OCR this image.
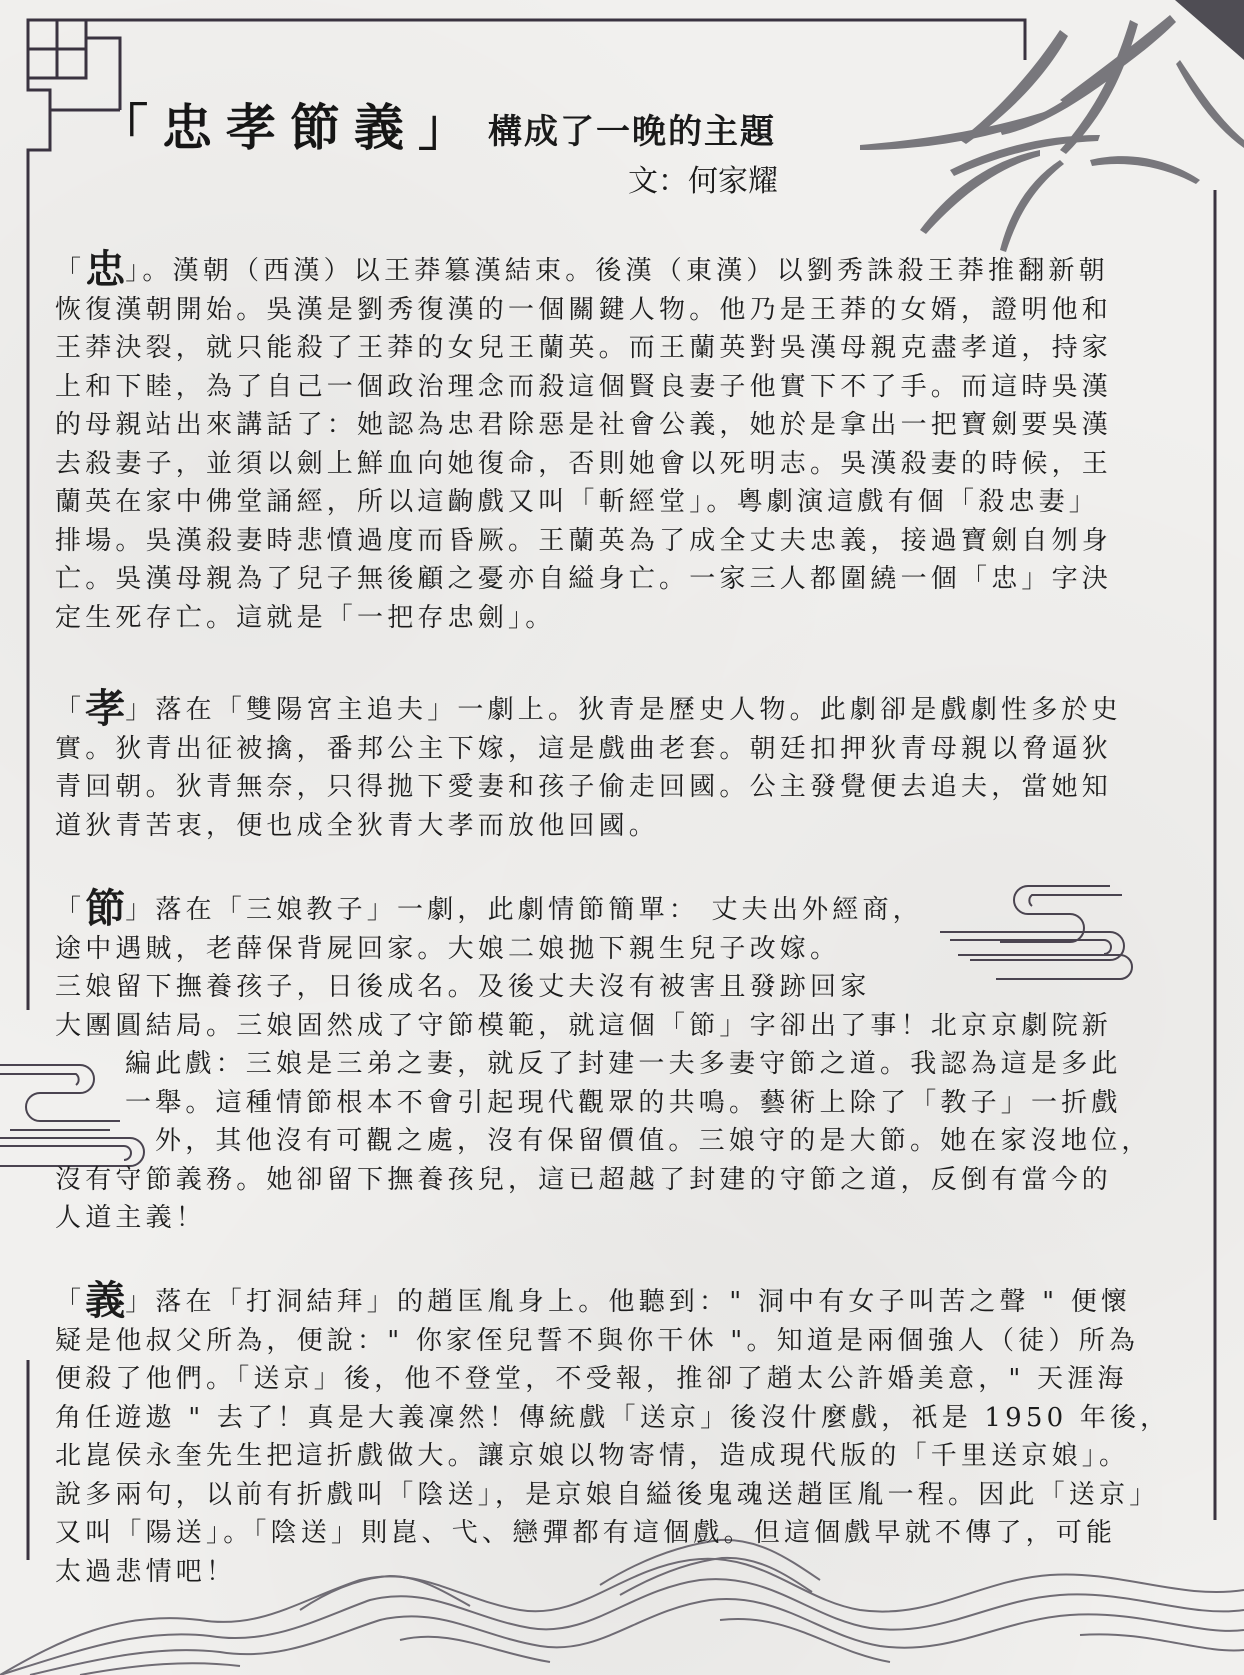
「忠孝節義」 構成了一晚的主題
文：何家耀
「忠」。漢朝（西漢）以王莽簒漢結束。後漢（東漢）以劉秀誅殺王莽推翻新朝
恢復漢朝開始。吳漢是劉秀復漢的一個關鍵人物。他乃是王莽的女婿，證明他和
王莽決裂，就只能殺了王莽的女兒王蘭英。而王蘭英對吳漢母親克盡孝道，持家
上和下睦，為了自己一個政治理念而殺這個賢良妻子他實下不了手。而這時吳漢
的母親站出來講話了：她認為忠君除惡是社會公義，她於是拿出一把寶劍要吳漢
去殺妻子，並須以劍上鮮血向她復命，否則她會以死明志。吳漢殺妻的時候，王
蘭英在家中佛堂誦經，所以這齣戲又叫「斬經堂」。粵劇演這戲有個「殺忠妻」
排場。吳漢殺妻時悲憤過度而昏厥。王蘭英為了成全丈夫忠義，接過寶劍自刎身
亡。吳漢母親為了兒子無後顧之憂亦自縊身亡。一家三人都圍繞一個「忠」字決
定生死存亡。這就是「一把存忠劍」。
「孝」落在「雙陽宮主追夫」一劇上。狄青是歷史人物。此劇卻是戲劇性多於史
實。狄青出征被擒，番邦公主下嫁，這是戲曲老套。朝廷扣押狄青母親以脅逼狄
青回朝。狄青無奈，只得拋下愛妻和孩子偷走回國。公主發覺便去追夫，當她知
道狄青苦衷，便也成全狄青大孝而放他回國。
「節」落在「三娘教子」一劇，此劇情節簡單： 丈夫出外經商，
途中遇賊，老薛保背屍回家。大娘二娘拋下親生兒子改嫁。
三娘留下撫養孩子，日後成名。及後丈夫沒有被害且發跡回家
大團圓結局。三娘固然成了守節模範，就這個「節」字卻出了事！北京京劇院新
編此戲：三娘是三弟之妻，就反了封建一夫多妻守節之道。我認為這是多此
一舉。這種情節根本不會引起現代觀眾的共鳴。藝術上除了「教子」一折戲
外，其他沒有可觀之處，沒有保留價值。三娘守的是大節。她在家沒地位，
沒有守節義務。她卻留下撫養孩兒，這已超越了封建的守節之道，反倒有當今的
人道主義！
「義」落在「打洞結拜」的趙匡胤身上。他聽到：" 洞中有女子叫苦之聲 " 便懷
疑是他叔父所為，便說：" 你家侄兒誓不與你干休 "。知道是兩個強人（徒）所為
便殺了他們。「送京」後，他不登堂，不受報，推卻了趙太公許婚美意，" 天涯海
角任遊遨 " 去了！真是大義凜然！傳統戲「送京」後沒什麼戲，祇是 1950 年後，
北崑侯永奎先生把這折戲做大。讓京娘以物寄情，造成現代版的「千里送京娘」。
說多兩句，以前有折戲叫「陰送」，是京娘自縊後鬼魂送趙匡胤一程。因此「送京」
又叫「陽送」。「陰送」則崑、弋、戀彈都有這個戲。但這個戲早就不傳了，可能
太過悲情吧！
